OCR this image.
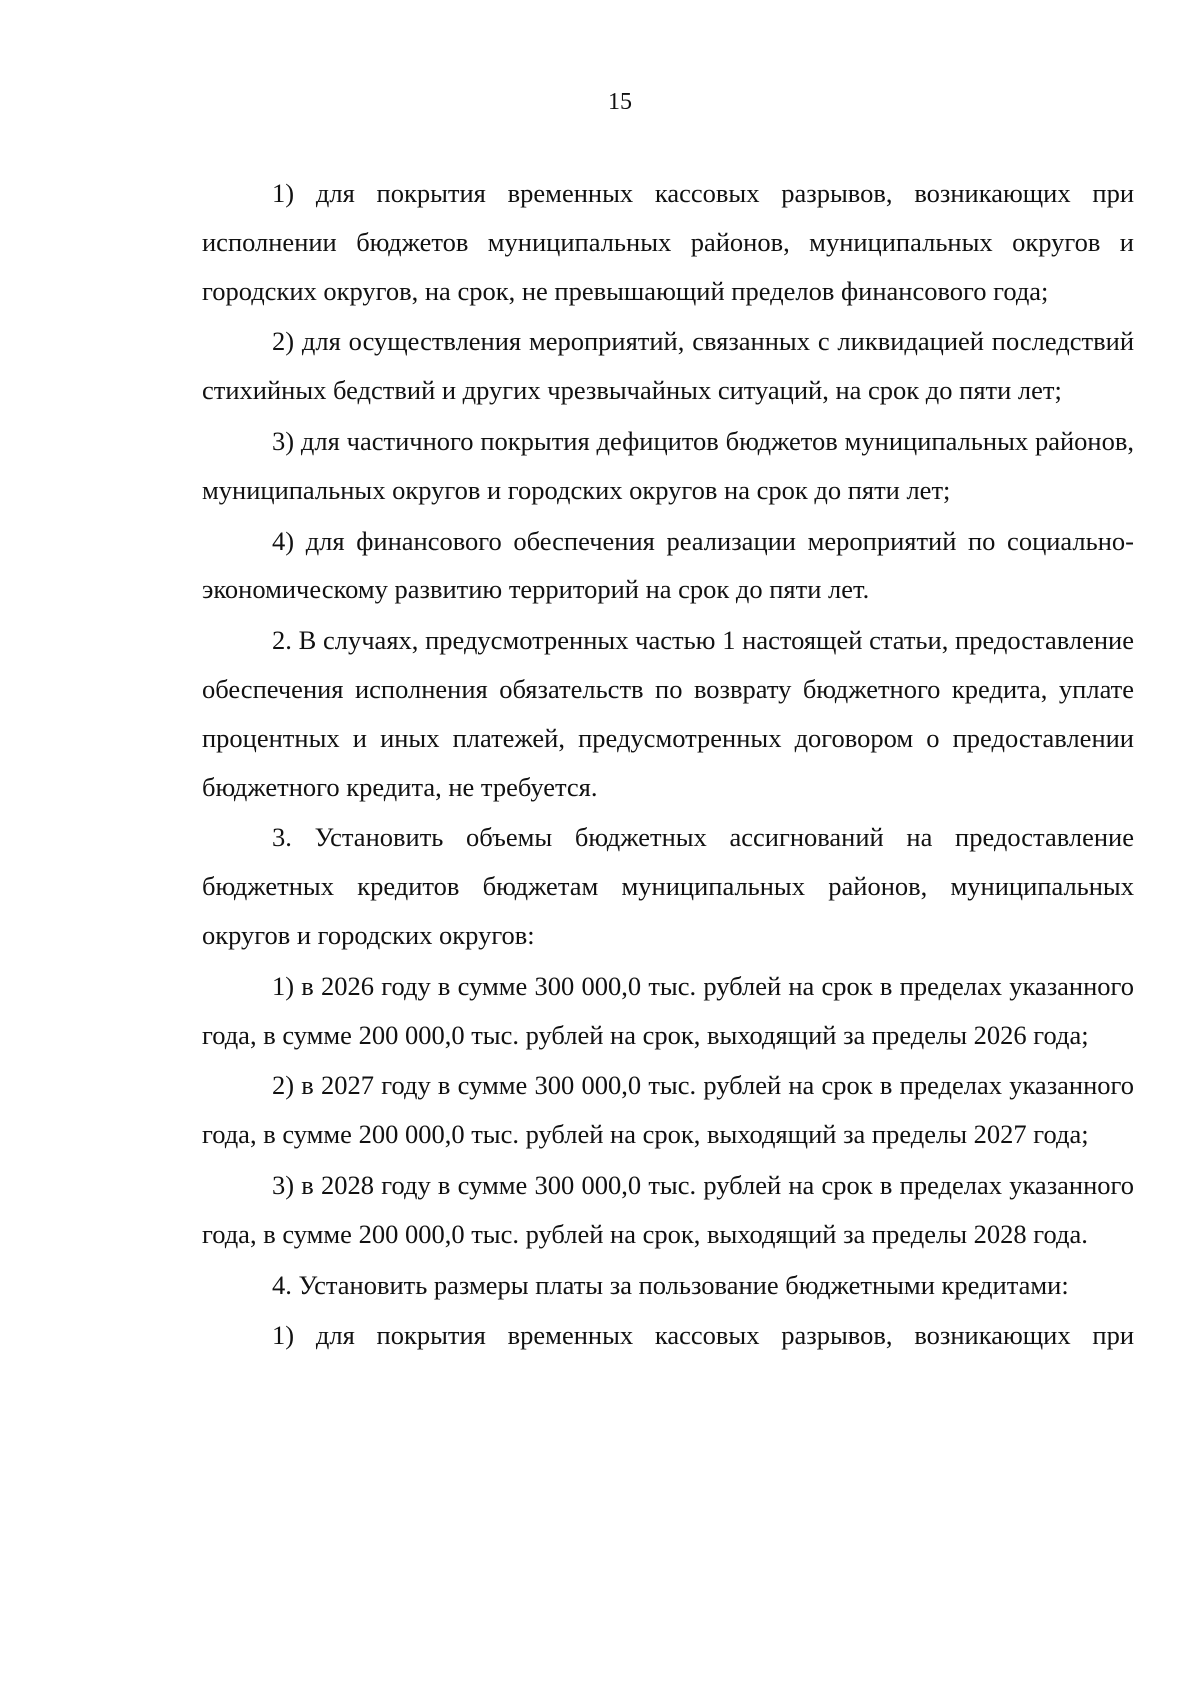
15

1) для покрытия временных кассовых разрывов, возникающих при исполнении бюджетов муниципальных районов, муниципальных округов и городских округов, на срок, не превышающий пределов финансового года;

2) для осуществления мероприятий, связанных с ликвидацией последствий стихийных бедствий и других чрезвычайных ситуаций, на срок до пяти лет;

3) для частичного покрытия дефицитов бюджетов муниципальных районов, муниципальных округов и городских округов на срок до пяти лет;

4) для финансового обеспечения реализации мероприятий по социально-экономическому развитию территорий на срок до пяти лет.

2. В случаях, предусмотренных частью 1 настоящей статьи, предоставление обеспечения исполнения обязательств по возврату бюджетного кредита, уплате процентных и иных платежей, предусмотренных договором о предоставлении бюджетного кредита, не требуется.

3. Установить объемы бюджетных ассигнований на предоставление бюджетных кредитов бюджетам муниципальных районов, муниципальных округов и городских округов:

1) в 2026 году в сумме 300 000,0 тыс. рублей на срок в пределах указанного года, в сумме 200 000,0 тыс. рублей на срок, выходящий за пределы 2026 года;

2) в 2027 году в сумме 300 000,0 тыс. рублей на срок в пределах указанного года, в сумме 200 000,0 тыс. рублей на срок, выходящий за пределы 2027 года;

3) в 2028 году в сумме 300 000,0 тыс. рублей на срок в пределах указанного года, в сумме 200 000,0 тыс. рублей на срок, выходящий за пределы 2028 года.

4. Установить размеры платы за пользование бюджетными кредитами:

1) для покрытия временных кассовых разрывов, возникающих при
